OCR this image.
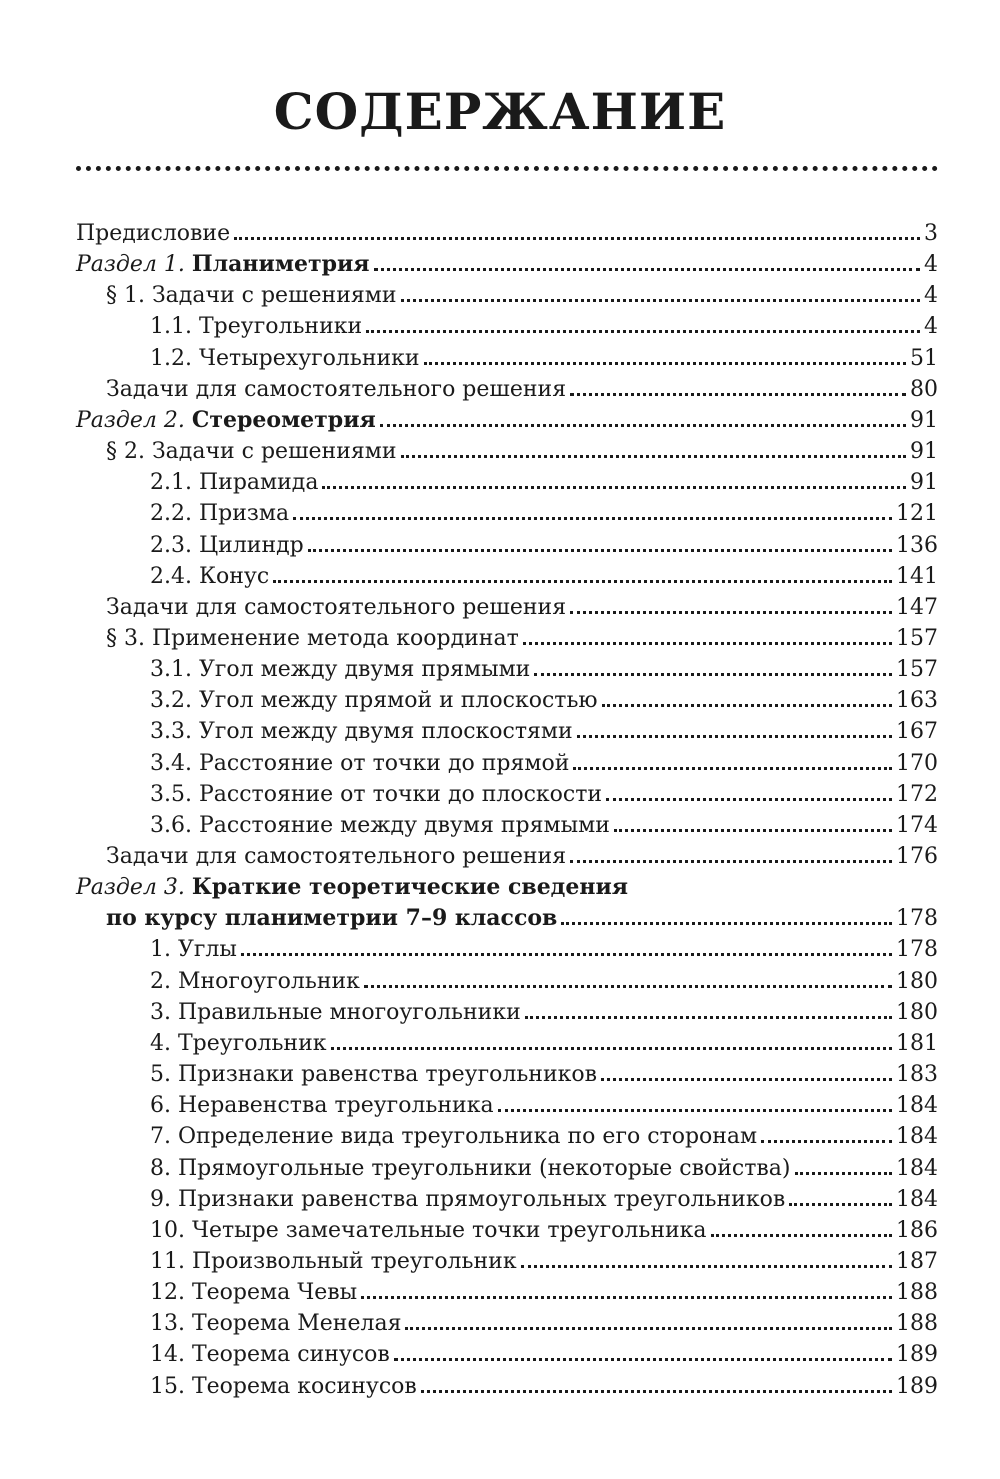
СОДЕРЖАНИЕ
Предисловие	3
Раздел 1. Планиметрия	4
§ 1. Задачи с решениями	4
1.1. Треугольники	4
1.2. Четырехугольники	51
Задачи для самостоятельного решения	80
Раздел 2. Стереометрия	91
§ 2. Задачи с решениями	91
2.1. Пирамида	91
2.2. Призма	121
2.3. Цилиндр	136
2.4. Конус	141
Задачи для самостоятельного решения	147
§ 3. Применение метода координат	157
3.1. Угол между двумя прямыми	157
3.2. Угол между прямой и плоскостью	163
3.3. Угол между двумя плоскостями	167
3.4. Расстояние от точки до прямой	170
3.5. Расстояние от точки до плоскости	172
3.6. Расстояние между двумя прямыми	174
Задачи для самостоятельного решения	176
Раздел 3. Краткие теоретические сведения
по курсу планиметрии 7–9 классов	178
1. Углы	178
2. Многоугольник	180
3. Правильные многоугольники	180
4. Треугольник	181
5. Признаки равенства треугольников	183
6. Неравенства треугольника	184
7. Определение вида треугольника по его сторонам	184
8. Прямоугольные треугольники (некоторые свойства)	184
9. Признаки равенства прямоугольных треугольников	184
10. Четыре замечательные точки треугольника	186
11. Произвольный треугольник	187
12. Теорема Чевы	188
13. Теорема Менелая	188
14. Теорема синусов	189
15. Теорема косинусов	189
